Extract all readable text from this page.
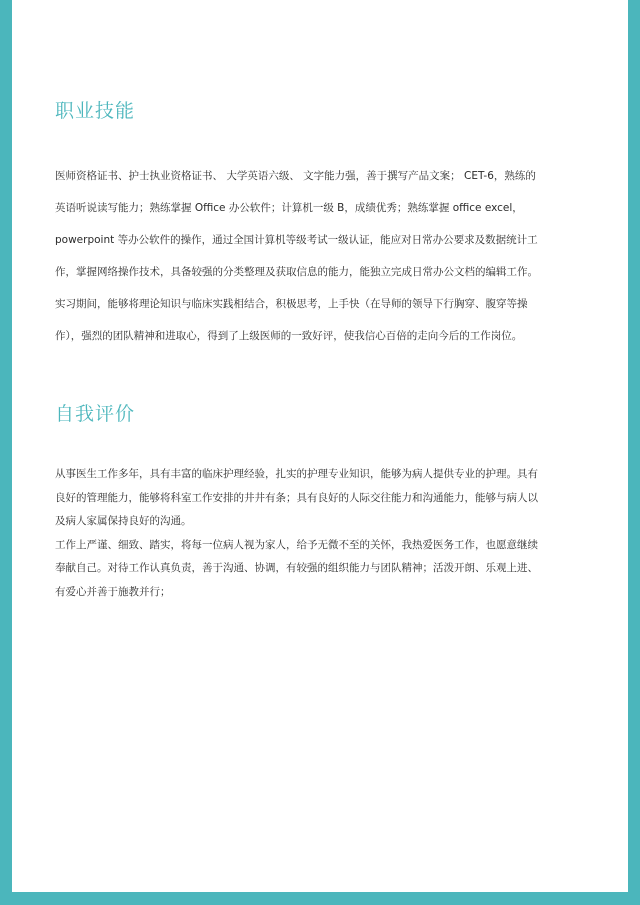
职业技能
医师资格证书、护士执业资格证书、 大学英语六级、 文字能力强，善于撰写产品文案； CET-6，熟练的
英语听说读写能力；熟练掌握 Office 办公软件；计算机一级 B，成绩优秀；熟练掌握 office excel，
powerpoint 等办公软件的操作，通过全国计算机等级考试一级认证，能应对日常办公要求及数据统计工
作，掌握网络操作技术，具备较强的分类整理及获取信息的能力，能独立完成日常办公文档的编辑工作。
实习期间，能够将理论知识与临床实践相结合，积极思考，上手快（在导师的领导下行胸穿、腹穿等操
作），强烈的团队精神和进取心，得到了上级医师的一致好评，使我信心百倍的走向今后的工作岗位。
自我评价
从事医生工作多年，具有丰富的临床护理经验，扎实的护理专业知识，能够为病人提供专业的护理。具有
良好的管理能力，能够将科室工作安排的井井有条；具有良好的人际交往能力和沟通能力，能够与病人以
及病人家属保持良好的沟通。
工作上严谨、细致、踏实，将每一位病人视为家人，给予无微不至的关怀，我热爱医务工作，也愿意继续
奉献自己。对待工作认真负责，善于沟通、协调，有较强的组织能力与团队精神；活泼开朗、乐观上进、
有爱心并善于施教并行；
